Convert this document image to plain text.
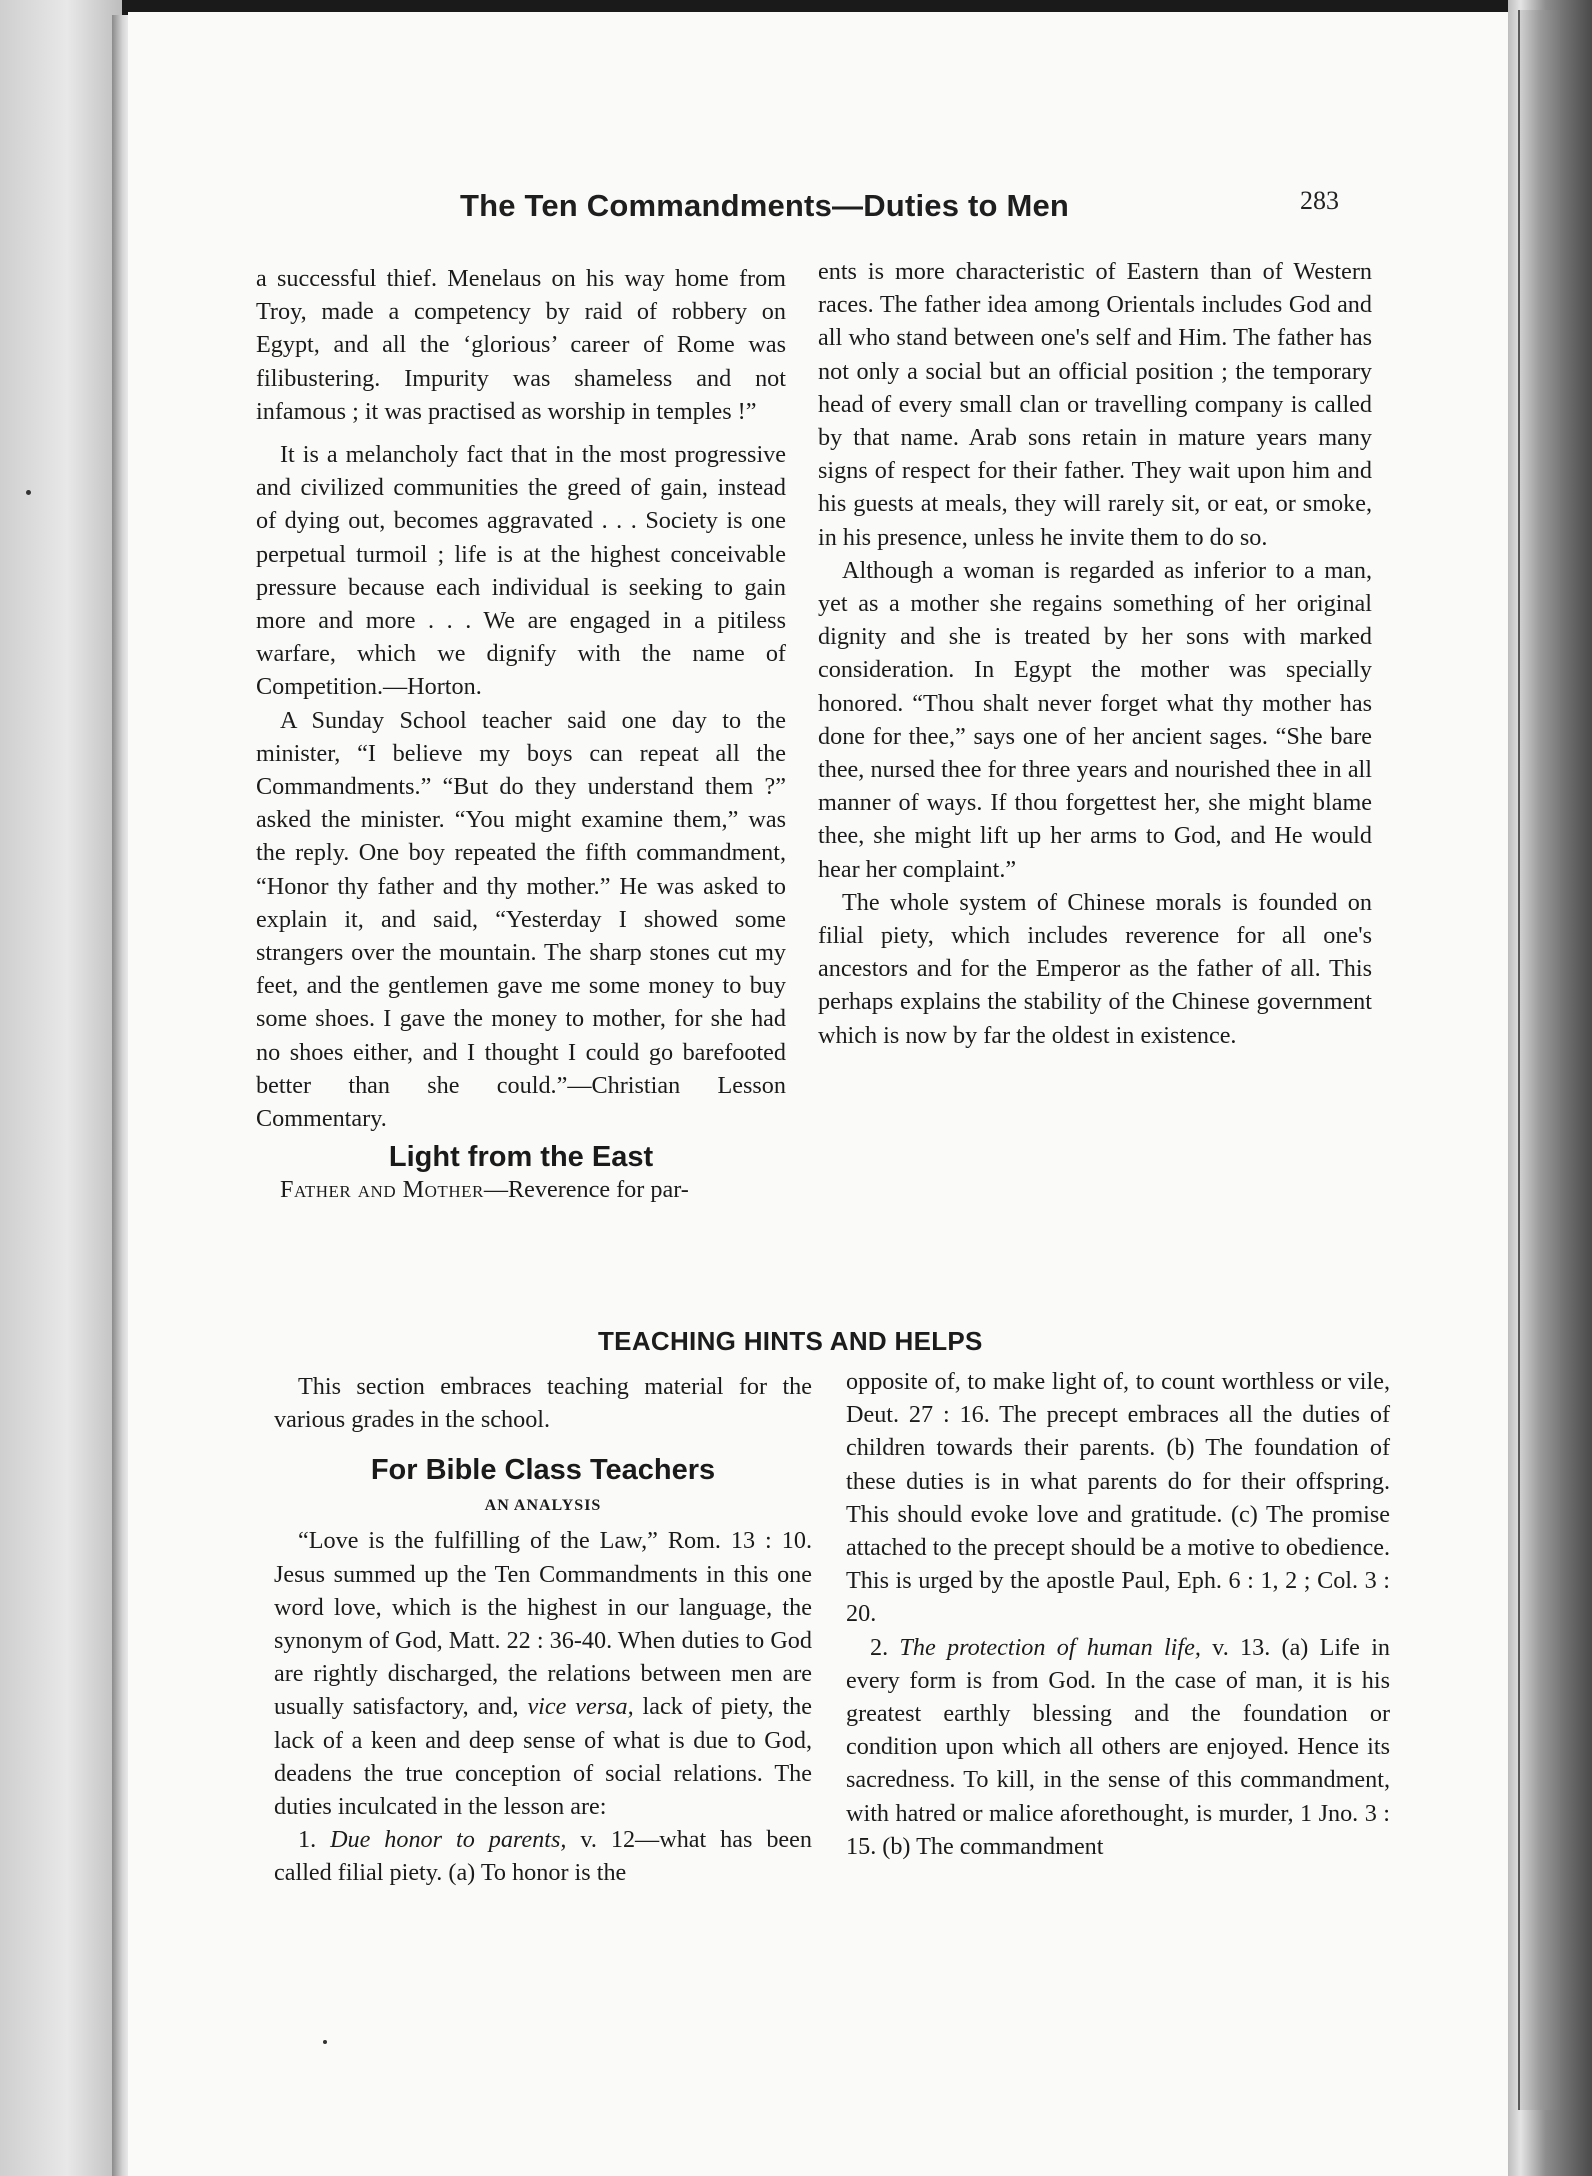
The Ten Commandments—Duties to Men	283

a successful thief. Menelaus on his way home from Troy, made a competency by raid of robbery on Egypt, and all the ‘glorious’ career of Rome was filibustering. Impurity was shameless and not infamous ; it was practised as worship in temples !”

It is a melancholy fact that in the most progressive and civilized communities the greed of gain, instead of dying out, becomes aggravated . . . Society is one perpetual turmoil ; life is at the highest conceivable pressure because each individual is seeking to gain more and more . . . We are engaged in a pitiless warfare, which we dignify with the name of Competition.—Horton.

A Sunday School teacher said one day to the minister, “I believe my boys can repeat all the Commandments.” “But do they understand them ?” asked the minister. “You might examine them,” was the reply. One boy repeated the fifth commandment, “Honor thy father and thy mother.” He was asked to explain it, and said, “Yesterday I showed some strangers over the mountain. The sharp stones cut my feet, and the gentlemen gave me some money to buy some shoes. I gave the money to mother, for she had no shoes either, and I thought I could go barefooted better than she could.”—Christian Lesson Commentary.

Light from the East

Father and Mother—Reverence for par-

ents is more characteristic of Eastern than of Western races. The father idea among Orientals includes God and all who stand between one's self and Him. The father has not only a social but an official position ; the temporary head of every small clan or travelling company is called by that name. Arab sons retain in mature years many signs of respect for their father. They wait upon him and his guests at meals, they will rarely sit, or eat, or smoke, in his presence, unless he invite them to do so.

Although a woman is regarded as inferior to a man, yet as a mother she regains something of her original dignity and she is treated by her sons with marked consideration. In Egypt the mother was specially honored. “Thou shalt never forget what thy mother has done for thee,” says one of her ancient sages. “She bare thee, nursed thee for three years and nourished thee in all manner of ways. If thou forgettest her, she might blame thee, she might lift up her arms to God, and He would hear her complaint.”

The whole system of Chinese morals is founded on filial piety, which includes reverence for all one's ancestors and for the Emperor as the father of all. This perhaps explains the stability of the Chinese government which is now by far the oldest in existence.

TEACHING HINTS AND HELPS

This section embraces teaching material for the various grades in the school.

For Bible Class Teachers
AN ANALYSIS

“Love is the fulfilling of the Law,” Rom. 13 : 10. Jesus summed up the Ten Commandments in this one word love, which is the highest in our language, the synonym of God, Matt. 22 : 36-40. When duties to God are rightly discharged, the relations between men are usually satisfactory, and, vice versa, lack of piety, the lack of a keen and deep sense of what is due to God, deadens the true conception of social relations. The duties inculcated in the lesson are:

1. Due honor to parents, v. 12—what has been called filial piety. (a) To honor is the

opposite of, to make light of, to count worthless or vile, Deut. 27 : 16. The precept embraces all the duties of children towards their parents. (b) The foundation of these duties is in what parents do for their offspring. This should evoke love and gratitude. (c) The promise attached to the precept should be a motive to obedience. This is urged by the apostle Paul, Eph. 6 : 1, 2 ; Col. 3 : 20.

2. The protection of human life, v. 13. (a) Life in every form is from God. In the case of man, it is his greatest earthly blessing and the foundation or condition upon which all others are enjoyed. Hence its sacredness. To kill, in the sense of this commandment, with hatred or malice aforethought, is murder, 1 Jno. 3 : 15. (b) The commandment
